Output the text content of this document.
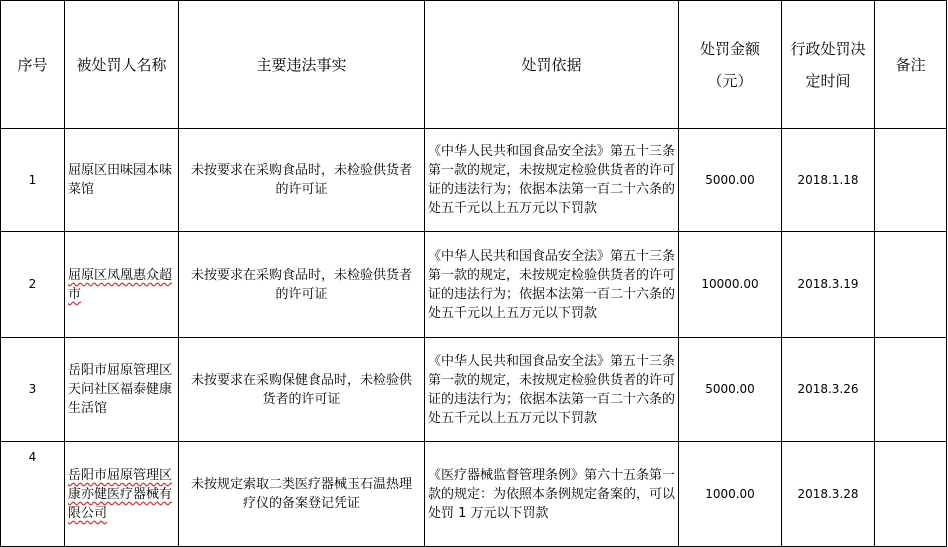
序号	被处罚人名称	主要违法事实	处罚依据	处罚金额（元）	行政处罚决定时间	备注
1	屈原区田味园本味菜馆	未按要求在采购食品时，未检验供货者的许可证	《中华人民共和国食品安全法》第五十三条第一款的规定，未按规定检验供货者的许可证的违法行为；依据本法第一百二十六条的处五千元以上五万元以下罚款	5000.00	2018.1.18	
2	屈原区凤凰惠众超市	未按要求在采购食品时，未检验供货者的许可证	《中华人民共和国食品安全法》第五十三条第一款的规定，未按规定检验供货者的许可证的违法行为；依据本法第一百二十六条的处五千元以上五万元以下罚款	10000.00	2018.3.19	
3	岳阳市屈原管理区天问社区福泰健康生活馆	未按要求在采购保健食品时，未检验供货者的许可证	《中华人民共和国食品安全法》第五十三条第一款的规定，未按规定检验供货者的许可证的违法行为；依据本法第一百二十六条的处五千元以上五万元以下罚款	5000.00	2018.3.26	
4	岳阳市屈原管理区康亦健医疗器械有限公司	未按规定索取二类医疗器械玉石温热理疗仪的备案登记凭证	《医疗器械监督管理条例》第六十五条第一款的规定：为依照本条例规定备案的，可以处罚 1 万元以下罚款	1000.00	2018.3.28	
